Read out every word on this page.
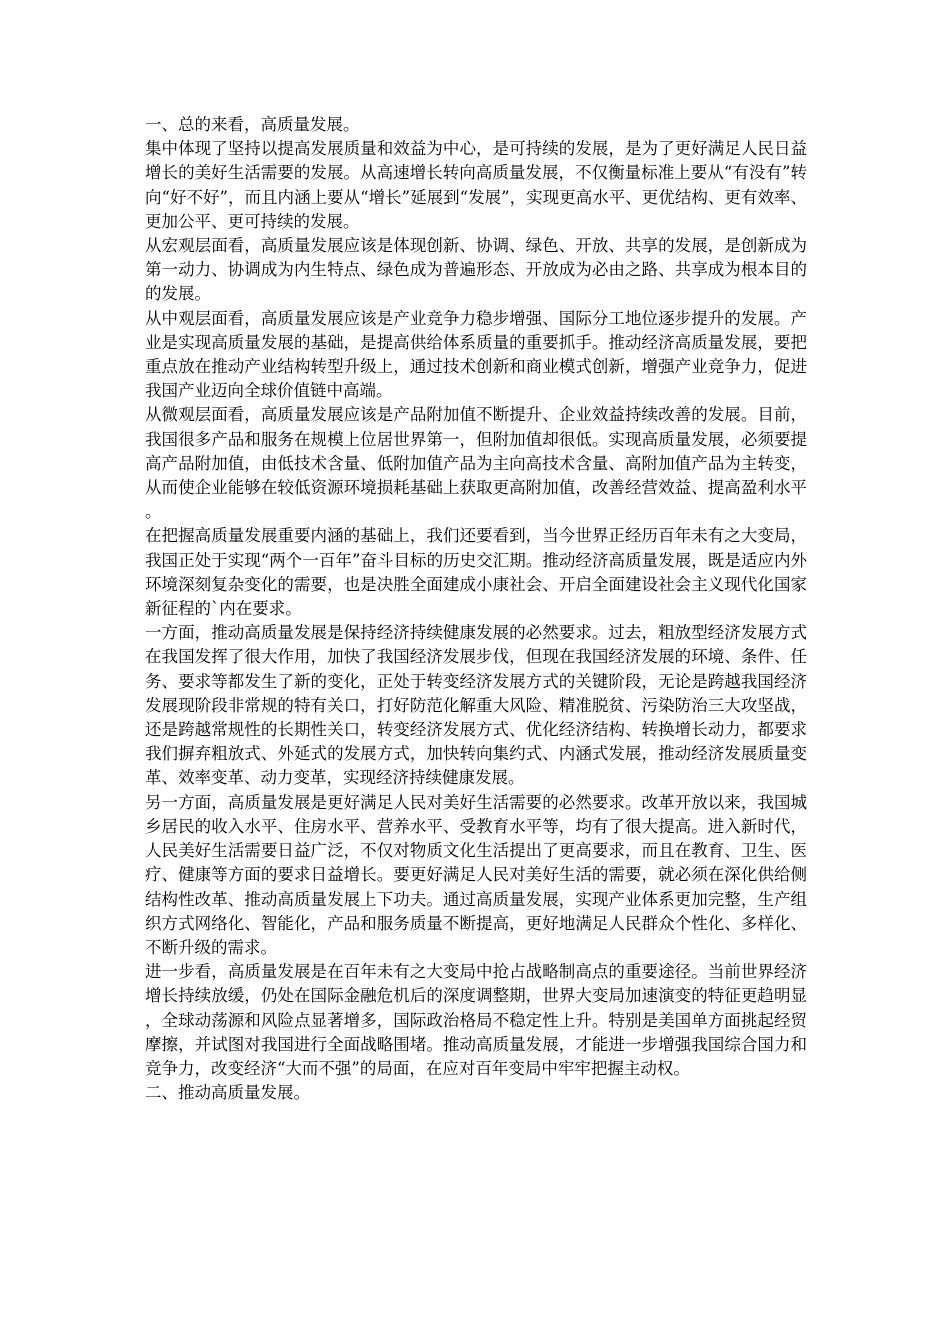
一、总的来看，高质量发展。

集中体现了坚持以提高发展质量和效益为中心，是可持续的发展，是为了更好满足人民日益增长的美好生活需要的发展。从高速增长转向高质量发展，不仅衡量标准上要从“有没有”转向“好不好”，而且内涵上要从“增长”延展到“发展”，实现更高水平、更优结构、更有效率、更加公平、更可持续的发展。

从宏观层面看，高质量发展应该是体现创新、协调、绿色、开放、共享的发展，是创新成为第一动力、协调成为内生特点、绿色成为普遍形态、开放成为必由之路、共享成为根本目的的发展。

从中观层面看，高质量发展应该是产业竞争力稳步增强、国际分工地位逐步提升的发展。产业是实现高质量发展的基础，是提高供给体系质量的重要抓手。推动经济高质量发展，要把重点放在推动产业结构转型升级上，通过技术创新和商业模式创新，增强产业竞争力，促进我国产业迈向全球价值链中高端。

从微观层面看，高质量发展应该是产品附加值不断提升、企业效益持续改善的发展。目前，我国很多产品和服务在规模上位居世界第一，但附加值却很低。实现高质量发展，必须要提高产品附加值，由低技术含量、低附加值产品为主向高技术含量、高附加值产品为主转变，从而使企业能够在较低资源环境损耗基础上获取更高附加值，改善经营效益、提高盈利水平。

在把握高质量发展重要内涵的基础上，我们还要看到，当今世界正经历百年未有之大变局，我国正处于实现“两个一百年”奋斗目标的历史交汇期。推动经济高质量发展，既是适应内外环境深刻复杂变化的需要，也是决胜全面建成小康社会、开启全面建设社会主义现代化国家新征程的`内在要求。

一方面，推动高质量发展是保持经济持续健康发展的必然要求。过去，粗放型经济发展方式在我国发挥了很大作用，加快了我国经济发展步伐，但现在我国经济发展的环境、条件、任务、要求等都发生了新的变化，正处于转变经济发展方式的关键阶段，无论是跨越我国经济发展现阶段非常规的特有关口，打好防范化解重大风险、精准脱贫、污染防治三大攻坚战，还是跨越常规性的长期性关口，转变经济发展方式、优化经济结构、转换增长动力，都要求我们摒弃粗放式、外延式的发展方式，加快转向集约式、内涵式发展，推动经济发展质量变革、效率变革、动力变革，实现经济持续健康发展。

另一方面，高质量发展是更好满足人民对美好生活需要的必然要求。改革开放以来，我国城乡居民的收入水平、住房水平、营养水平、受教育水平等，均有了很大提高。进入新时代，人民美好生活需要日益广泛，不仅对物质文化生活提出了更高要求，而且在教育、卫生、医疗、健康等方面的要求日益增长。要更好满足人民对美好生活的需要，就必须在深化供给侧结构性改革、推动高质量发展上下功夫。通过高质量发展，实现产业体系更加完整，生产组织方式网络化、智能化，产品和服务质量不断提高，更好地满足人民群众个性化、多样化、不断升级的需求。

进一步看，高质量发展是在百年未有之大变局中抢占战略制高点的重要途径。当前世界经济增长持续放缓，仍处在国际金融危机后的深度调整期，世界大变局加速演变的特征更趋明显，全球动荡源和风险点显著增多，国际政治格局不稳定性上升。特别是美国单方面挑起经贸摩擦，并试图对我国进行全面战略围堵。推动高质量发展，才能进一步增强我国综合国力和竞争力，改变经济“大而不强”的局面，在应对百年变局中牢牢把握主动权。

二、推动高质量发展。
